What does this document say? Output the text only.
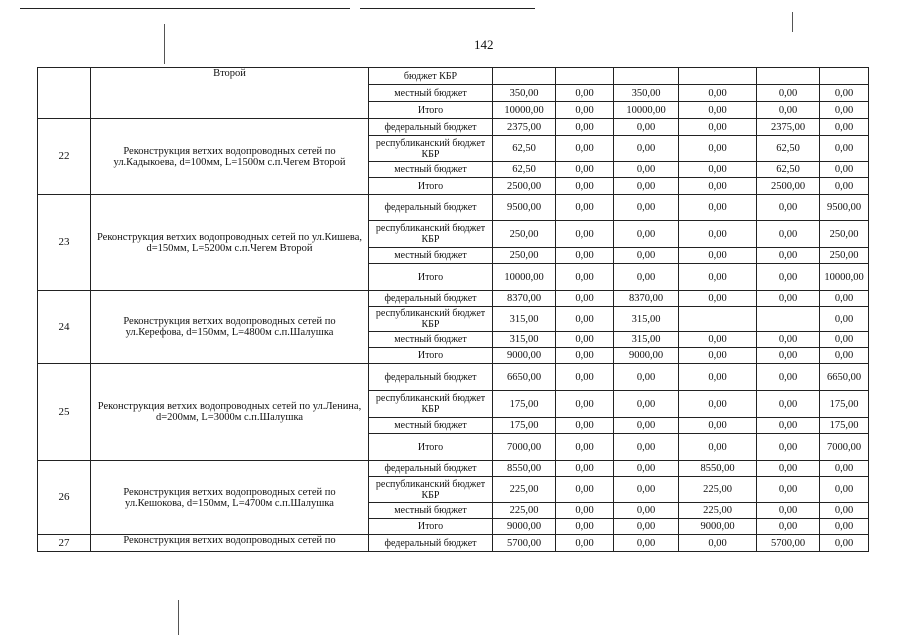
142
	Второй	бюджет КБР						
		местный бюджет	350,00	0,00	350,00	0,00	0,00	0,00
		Итого	10000,00	0,00	10000,00	0,00	0,00	0,00
22	Реконструкция ветхих водопроводных сетей по ул.Кадыкоева, d=100мм, L=1500м с.п.Чегем Второй	федеральный бюджет	2375,00	0,00	0,00	0,00	2375,00	0,00
		республиканский бюджет КБР	62,50	0,00	0,00	0,00	62,50	0,00
		местный бюджет	62,50	0,00	0,00	0,00	62,50	0,00
		Итого	2500,00	0,00	0,00	0,00	2500,00	0,00
23	Реконструкция ветхих водопроводных сетей по ул.Кишева, d=150мм, L=5200м с.п.Чегем Второй	федеральный бюджет	9500,00	0,00	0,00	0,00	0,00	9500,00
		республиканский бюджет КБР	250,00	0,00	0,00	0,00	0,00	250,00
		местный бюджет	250,00	0,00	0,00	0,00	0,00	250,00
		Итого	10000,00	0,00	0,00	0,00	0,00	10000,00
24	Реконструкция ветхих водопроводных сетей по ул.Керефова, d=150мм, L=4800м с.п.Шалушка	федеральный бюджет	8370,00	0,00	8370,00	0,00	0,00	0,00
		республиканский бюджет КБР	315,00	0,00	315,00			0,00
		местный бюджет	315,00	0,00	315,00	0,00	0,00	0,00
		Итого	9000,00	0,00	9000,00	0,00	0,00	0,00
25	Реконструкция ветхих водопроводных сетей по ул.Ленина, d=200мм, L=3000м с.п.Шалушка	федеральный бюджет	6650,00	0,00	0,00	0,00	0,00	6650,00
		республиканский бюджет КБР	175,00	0,00	0,00	0,00	0,00	175,00
		местный бюджет	175,00	0,00	0,00	0,00	0,00	175,00
		Итого	7000,00	0,00	0,00	0,00	0,00	7000,00
26	Реконструкция ветхих водопроводных сетей по ул.Кешокова, d=150мм, L=4700м с.п.Шалушка	федеральный бюджет	8550,00	0,00	0,00	8550,00	0,00	0,00
		республиканский бюджет КБР	225,00	0,00	0,00	225,00	0,00	0,00
		местный бюджет	225,00	0,00	0,00	225,00	0,00	0,00
		Итого	9000,00	0,00	0,00	9000,00	0,00	0,00
27	Реконструкция ветхих водопроводных сетей по	федеральный бюджет	5700,00	0,00	0,00	0,00	5700,00	0,00
